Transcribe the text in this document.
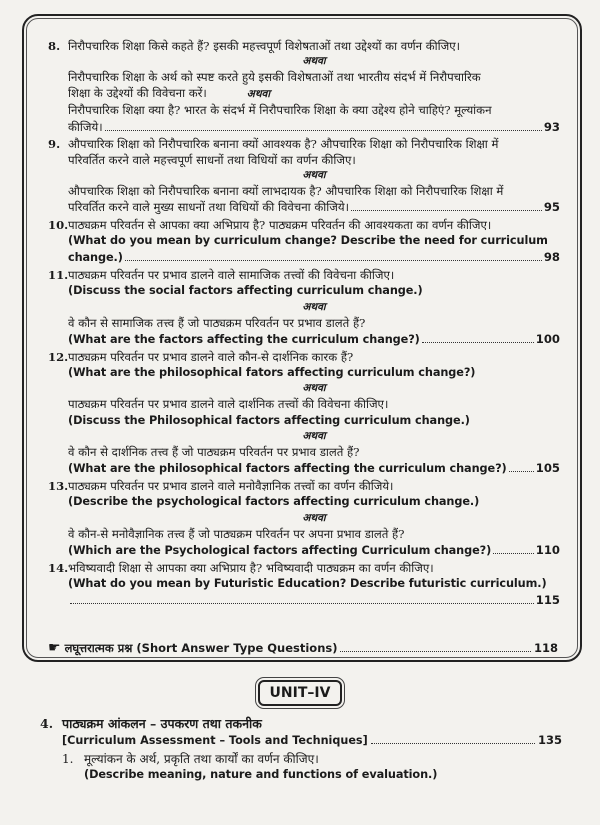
8. निरौपचारिक शिक्षा किसे कहते हैं? इसकी महत्त्वपूर्ण विशेषताओं तथा उद्देश्यों का वर्णन कीजिए।
अथवा
निरौपचारिक शिक्षा के अर्थ को स्पष्ट करते हुये इसकी विशेषताओं तथा भारतीय संदर्भ में निरौपचारिक
शिक्षा के उद्देश्यों की विवेचना करें।	अथवा
निरौपचारिक शिक्षा क्या है? भारत के संदर्भ में निरौपचारिक शिक्षा के क्या उद्देश्य होने चाहिएं? मूल्यांकन
कीजिये।	93
9. औपचारिक शिक्षा को निरौपचारिक बनाना क्यों आवश्यक है? औपचारिक शिक्षा को निरौपचारिक शिक्षा में
परिवर्तित करने वाले महत्त्वपूर्ण साधनों तथा विधियों का वर्णन कीजिए।
अथवा
औपचारिक शिक्षा को निरौपचारिक बनाना क्यों लाभदायक है? औपचारिक शिक्षा को निरौपचारिक शिक्षा में
परिवर्तित करने वाले मुख्य साधनों तथा विधियों की विवेचना कीजिये।	95
10. पाठ्यक्रम परिवर्तन से आपका क्या अभिप्राय है? पाठ्यक्रम परिवर्तन की आवश्यकता का वर्णन कीजिए।
(What do you mean by curriculum change? Describe the need for curriculum
change.)	98
11. पाठ्यक्रम परिवर्तन पर प्रभाव डालने वाले सामाजिक तत्त्वों की विवेचना कीजिए।
(Discuss the social factors affecting curriculum change.)
अथवा
वे कौन से सामाजिक तत्त्व हैं जो पाठ्यक्रम परिवर्तन पर प्रभाव डालते हैं?
(What are the factors affecting the curriculum change?)	100
12. पाठ्यक्रम परिवर्तन पर प्रभाव डालने वाले कौन-से दार्शनिक कारक हैं?
(What are the philosophical fators affecting curriculum change?)
अथवा
पाठ्यक्रम परिवर्तन पर प्रभाव डालने वाले दार्शनिक तत्त्वों की विवेचना कीजिए।
(Discuss the Philosophical factors affecting curriculum change.)
अथवा
वे कौन से दार्शनिक तत्त्व हैं जो पाठ्यक्रम परिवर्तन पर प्रभाव डालते हैं?
(What are the philosophical factors affecting the curriculum change?)	105
13. पाठ्यक्रम परिवर्तन पर प्रभाव डालने वाले मनोवैज्ञानिक तत्त्वों का वर्णन कीजिये।
(Describe the psychological factors affecting curriculum change.)
अथवा
वे कौन-से मनोवैज्ञानिक तत्त्व हैं जो पाठ्यक्रम परिवर्तन पर अपना प्रभाव डालते हैं?
(Which are the Psychological factors affecting Curriculum change?)	110
14. भविष्यवादी शिक्षा से आपका क्या अभिप्राय है? भविष्यवादी पाठ्यक्रम का वर्णन कीजिए।
(What do you mean by Futuristic Education? Describe futuristic curriculum.)
115
☛ लघूत्तरात्मक प्रश्न (Short Answer Type Questions)	118
UNIT–IV
4. पाठ्यक्रम आंकलन – उपकरण तथा तकनीक
[Curriculum Assessment – Tools and Techniques]	135
1. मूल्यांकन के अर्थ, प्रकृति तथा कार्यों का वर्णन कीजिए।
(Describe meaning, nature and functions of evaluation.)
